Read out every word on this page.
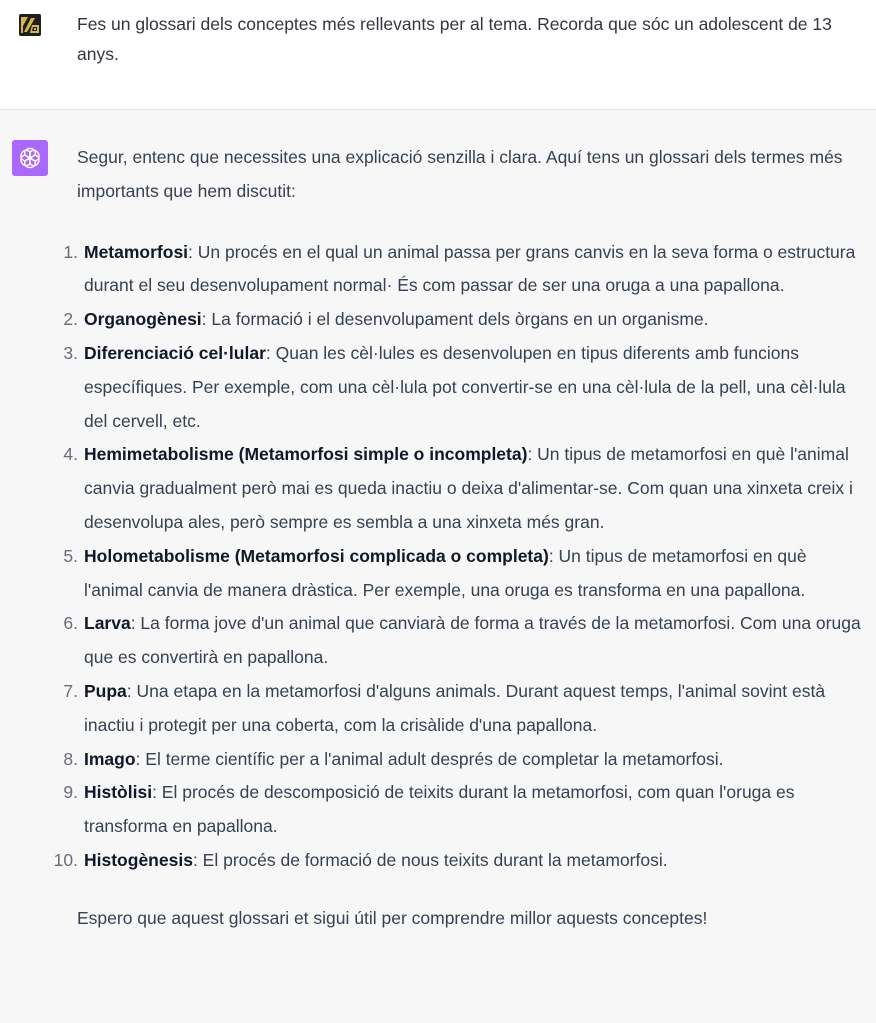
Fes un glossari dels conceptes més rellevants per al tema. Recorda que sóc un adolescent de 13 anys.

Segur, entenc que necessites una explicació senzilla i clara. Aquí tens un glossari dels termes més importants que hem discutit:

1. Metamorfosi: Un procés en el qual un animal passa per grans canvis en la seva forma o estructura durant el seu desenvolupament normal· És com passar de ser una oruga a una papallona.
2. Organogènesi: La formació i el desenvolupament dels òrgans en un organisme.
3. Diferenciació cel·lular: Quan les cèl·lules es desenvolupen en tipus diferents amb funcions específiques. Per exemple, com una cèl·lula pot convertir-se en una cèl·lula de la pell, una cèl·lula del cervell, etc.
4. Hemimetabolisme (Metamorfosi simple o incompleta): Un tipus de metamorfosi en què l'animal canvia gradualment però mai es queda inactiu o deixa d'alimentar-se. Com quan una xinxeta creix i desenvolupa ales, però sempre es sembla a una xinxeta més gran.
5. Holometabolisme (Metamorfosi complicada o completa): Un tipus de metamorfosi en què l'animal canvia de manera dràstica. Per exemple, una oruga es transforma en una papallona.
6. Larva: La forma jove d'un animal que canviarà de forma a través de la metamorfosi. Com una oruga que es convertirà en papallona.
7. Pupa: Una etapa en la metamorfosi d'alguns animals. Durant aquest temps, l'animal sovint està inactiu i protegit per una coberta, com la crisàlide d'una papallona.
8. Imago: El terme científic per a l'animal adult després de completar la metamorfosi.
9. Històlisi: El procés de descomposició de teixits durant la metamorfosi, com quan l'oruga es transforma en papallona.
10. Histogènesis: El procés de formació de nous teixits durant la metamorfosi.

Espero que aquest glossari et sigui útil per comprendre millor aquests conceptes!
